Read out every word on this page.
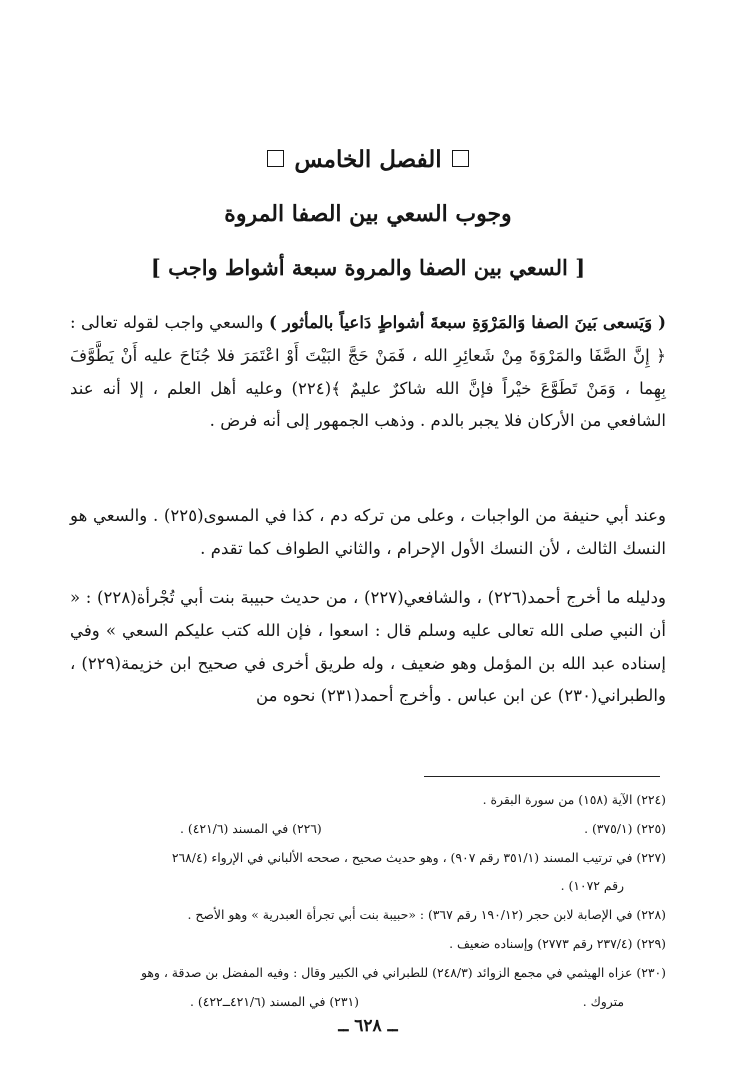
الفصل الخامس
وجوب السعي بين الصفا المروة
[ السعي بين الصفا والمروة سبعة أشواط واجب ]

( وَيَسعى بَينَ الصفا وَالمَرْوَةِ سبعةَ أشواطٍ دَاعياً بالمأثور ) والسعي واجب لقوله تعالى : ﴿ إِنَّ الصَّفَا والمَرْوَةَ مِنْ شَعائِرِ الله ، فَمَنْ حَجَّ البَيْتَ أَوْ اعْتَمَرَ فلا جُنَاحَ عليه أَنْ يَطَّوَّفَ بِهِما ، وَمَنْ تَطَوَّعَ خيْراً فإنَّ الله شاكرٌ عليمٌ ﴾(٢٢٤) وعليه أهل العلم ، إلا أنه عند الشافعي من الأركان فلا يجبر بالدم . وذهب الجمهور إلى أنه فرض .

وعند أبي حنيفة من الواجبات ، وعلى من تركه دم ، كذا في المسوى(٢٢٥) . والسعي هو النسك الثالث ، لأن النسك الأول الإحرام ، والثاني الطواف كما تقدم .

ودليله ما أخرج أحمد(٢٢٦) ، والشافعي(٢٢٧) ، من حديث حبيبة بنت أبي تُجْرأة(٢٢٨) : « أن النبي صلى الله تعالى عليه وسلم قال : اسعوا ، فإن الله كتب عليكم السعي » وفي إسناده عبد الله بن المؤمل وهو ضعيف ، وله طريق أخرى في صحيح ابن خزيمة(٢٢٩) ، والطبراني(٢٣٠) عن ابن عباس . وأخرج أحمد(٢٣١) نحوه من

(٢٢٤) الآية (١٥٨) من سورة البقرة .
(٢٢٥) (٣٧٥/١) .
(٢٢٦) في المسند (٤٢١/٦) .
(٢٢٧) في ترتيب المسند (٣٥١/١ رقم ٩٠٧) ، وهو حديث صحيح ، صححه الألباني في الإرواء (٢٦٨/٤
رقم ١٠٧٢) .
(٢٢٨) في الإصابة لابن حجر (١٩٠/١٢ رقم ٣٦٧) : «حبيبة بنت أبي تجرأة العبدرية » وهو الأصح .
(٢٢٩) (٢٣٧/٤ رقم ٢٧٧٣) وإسناده ضعيف .
(٢٣٠) عزاه الهيثمي في مجمع الزوائد (٢٤٨/٣) للطبراني في الكبير وقال : وفيه المفضل بن صدقة ، وهو
متروك .
(٢٣١) في المسند (٤٢١/٦ــ٤٢٢) .
ــ ٦٢٨ ــ
